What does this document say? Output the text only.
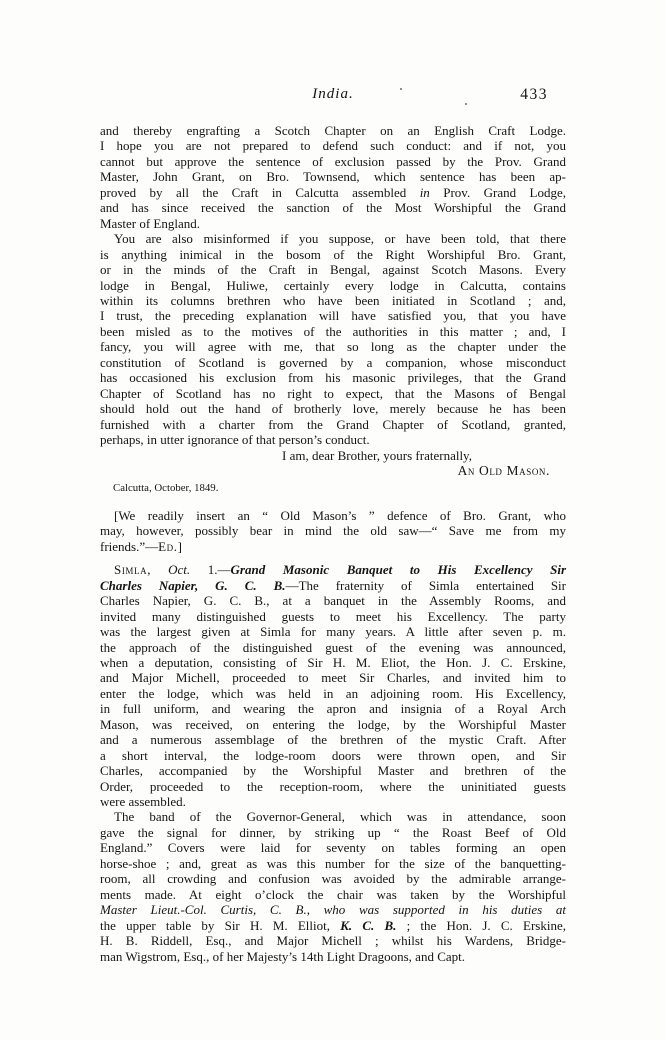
India.	433
and thereby engrafting a Scotch Chapter on an English Craft Lodge.
I hope you are not prepared to defend such conduct: and if not, you
cannot but approve the sentence of exclusion passed by the Prov. Grand
Master, John Grant, on Bro. Townsend, which sentence has been ap-
proved by all the Craft in Calcutta assembled in Prov. Grand Lodge,
and has since received the sanction of the Most Worshipful the Grand
Master of England.
You are also misinformed if you suppose, or have been told, that there
is anything inimical in the bosom of the Right Worshipful Bro. Grant,
or in the minds of the Craft in Bengal, against Scotch Masons. Every
lodge in Bengal, Huliwe, certainly every lodge in Calcutta, contains
within its columns brethren who have been initiated in Scotland ; and,
I trust, the preceding explanation will have satisfied you, that you have
been misled as to the motives of the authorities in this matter ; and, I
fancy, you will agree with me, that so long as the chapter under the
constitution of Scotland is governed by a companion, whose misconduct
has occasioned his exclusion from his masonic privileges, that the Grand
Chapter of Scotland has no right to expect, that the Masons of Bengal
should hold out the hand of brotherly love, merely because he has been
furnished with a charter from the Grand Chapter of Scotland, granted,
perhaps, in utter ignorance of that person’s conduct.
I am, dear Brother, yours fraternally,
An Old Mason.
Calcutta, October, 1849.
[We readily insert an “ Old Mason’s ” defence of Bro. Grant, who
may, however, possibly bear in mind the old saw—“ Save me from my
friends.”—Ed.]
Simla, Oct. 1.—Grand Masonic Banquet to His Excellency Sir
Charles Napier, G. C. B.—The fraternity of Simla entertained Sir
Charles Napier, G. C. B., at a banquet in the Assembly Rooms, and
invited many distinguished guests to meet his Excellency. The party
was the largest given at Simla for many years. A little after seven p. m.
the approach of the distinguished guest of the evening was announced,
when a deputation, consisting of Sir H. M. Eliot, the Hon. J. C. Erskine,
and Major Michell, proceeded to meet Sir Charles, and invited him to
enter the lodge, which was held in an adjoining room. His Excellency,
in full uniform, and wearing the apron and insignia of a Royal Arch
Mason, was received, on entering the lodge, by the Worshipful Master
and a numerous assemblage of the brethren of the mystic Craft. After
a short interval, the lodge-room doors were thrown open, and Sir
Charles, accompanied by the Worshipful Master and brethren of the
Order, proceeded to the reception-room, where the uninitiated guests
were assembled.
The band of the Governor-General, which was in attendance, soon
gave the signal for dinner, by striking up “ the Roast Beef of Old
England.” Covers were laid for seventy on tables forming an open
horse-shoe ; and, great as was this number for the size of the banquetting-
room, all crowding and confusion was avoided by the admirable arrange-
ments made. At eight o’clock the chair was taken by the Worshipful
Master Lieut.-Col. Curtis, C. B., who was supported in his duties at
the upper table by Sir H. M. Elliot, K. C. B. ; the Hon. J. C. Erskine,
H. B. Riddell, Esq., and Major Michell ; whilst his Wardens, Bridge-
man Wigstrom, Esq., of her Majesty’s 14th Light Dragoons, and Capt.
